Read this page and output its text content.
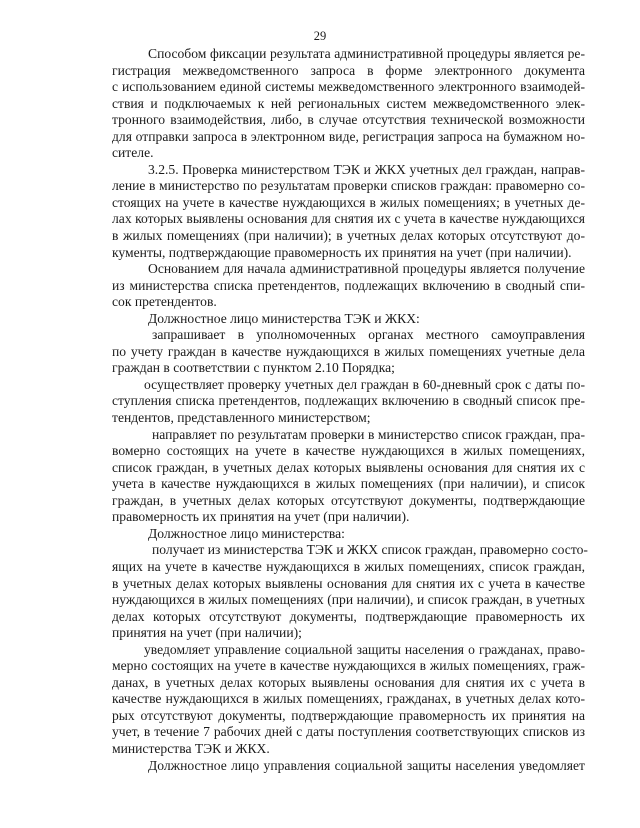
29
Способом фиксации результата административной процедуры является ре-
гистрация межведомственного запроса в форме электронного документа
с использованием единой системы межведомственного электронного взаимодей-
ствия и подключаемых к ней региональных систем межведомственного элек-
тронного взаимодействия, либо, в случае отсутствия технической возможности
для отправки запроса в электронном виде, регистрация запроса на бумажном но-
сителе.
3.2.5. Проверка министерством ТЭК и ЖКХ учетных дел граждан, направ-
ление в министерство по результатам проверки списков граждан: правомерно со-
стоящих на учете в качестве нуждающихся в жилых помещениях; в учетных де-
лах которых выявлены основания для снятия их с учета в качестве нуждающихся
в жилых помещениях (при наличии); в учетных делах которых отсутствуют до-
кументы, подтверждающие правомерность их принятия на учет (при наличии).
Основанием для начала административной процедуры является получение
из министерства списка претендентов, подлежащих включению в сводный спи-
сок претендентов.
Должностное лицо министерства ТЭК и ЖКХ:
запрашивает в уполномоченных органах местного самоуправления
по учету граждан в качестве нуждающихся в жилых помещениях учетные дела
граждан в соответствии с пунктом 2.10 Порядка;
осуществляет проверку учетных дел граждан в 60-дневный срок с даты по-
ступления списка претендентов, подлежащих включению в сводный список пре-
тендентов, представленного министерством;
направляет по результатам проверки в министерство список граждан, пра-
вомерно состоящих на учете в качестве нуждающихся в жилых помещениях,
список граждан, в учетных делах которых выявлены основания для снятия их с
учета в качестве нуждающихся в жилых помещениях (при наличии), и список
граждан, в учетных делах которых отсутствуют документы, подтверждающие
правомерность их принятия на учет (при наличии).
Должностное лицо министерства:
получает из министерства ТЭК и ЖКХ список граждан, правомерно состо-
ящих на учете в качестве нуждающихся в жилых помещениях, список граждан,
в учетных делах которых выявлены основания для снятия их с учета в качестве
нуждающихся в жилых помещениях (при наличии), и список граждан, в учетных
делах которых отсутствуют документы, подтверждающие правомерность их
принятия на учет (при наличии);
уведомляет управление социальной защиты населения о гражданах, право-
мерно состоящих на учете в качестве нуждающихся в жилых помещениях, граж-
данах, в учетных делах которых выявлены основания для снятия их с учета в
качестве нуждающихся в жилых помещениях, гражданах, в учетных делах кото-
рых отсутствуют документы, подтверждающие правомерность их принятия на
учет, в течение 7 рабочих дней с даты поступления соответствующих списков из
министерства ТЭК и ЖКХ.
Должностное лицо управления социальной защиты населения уведомляет
